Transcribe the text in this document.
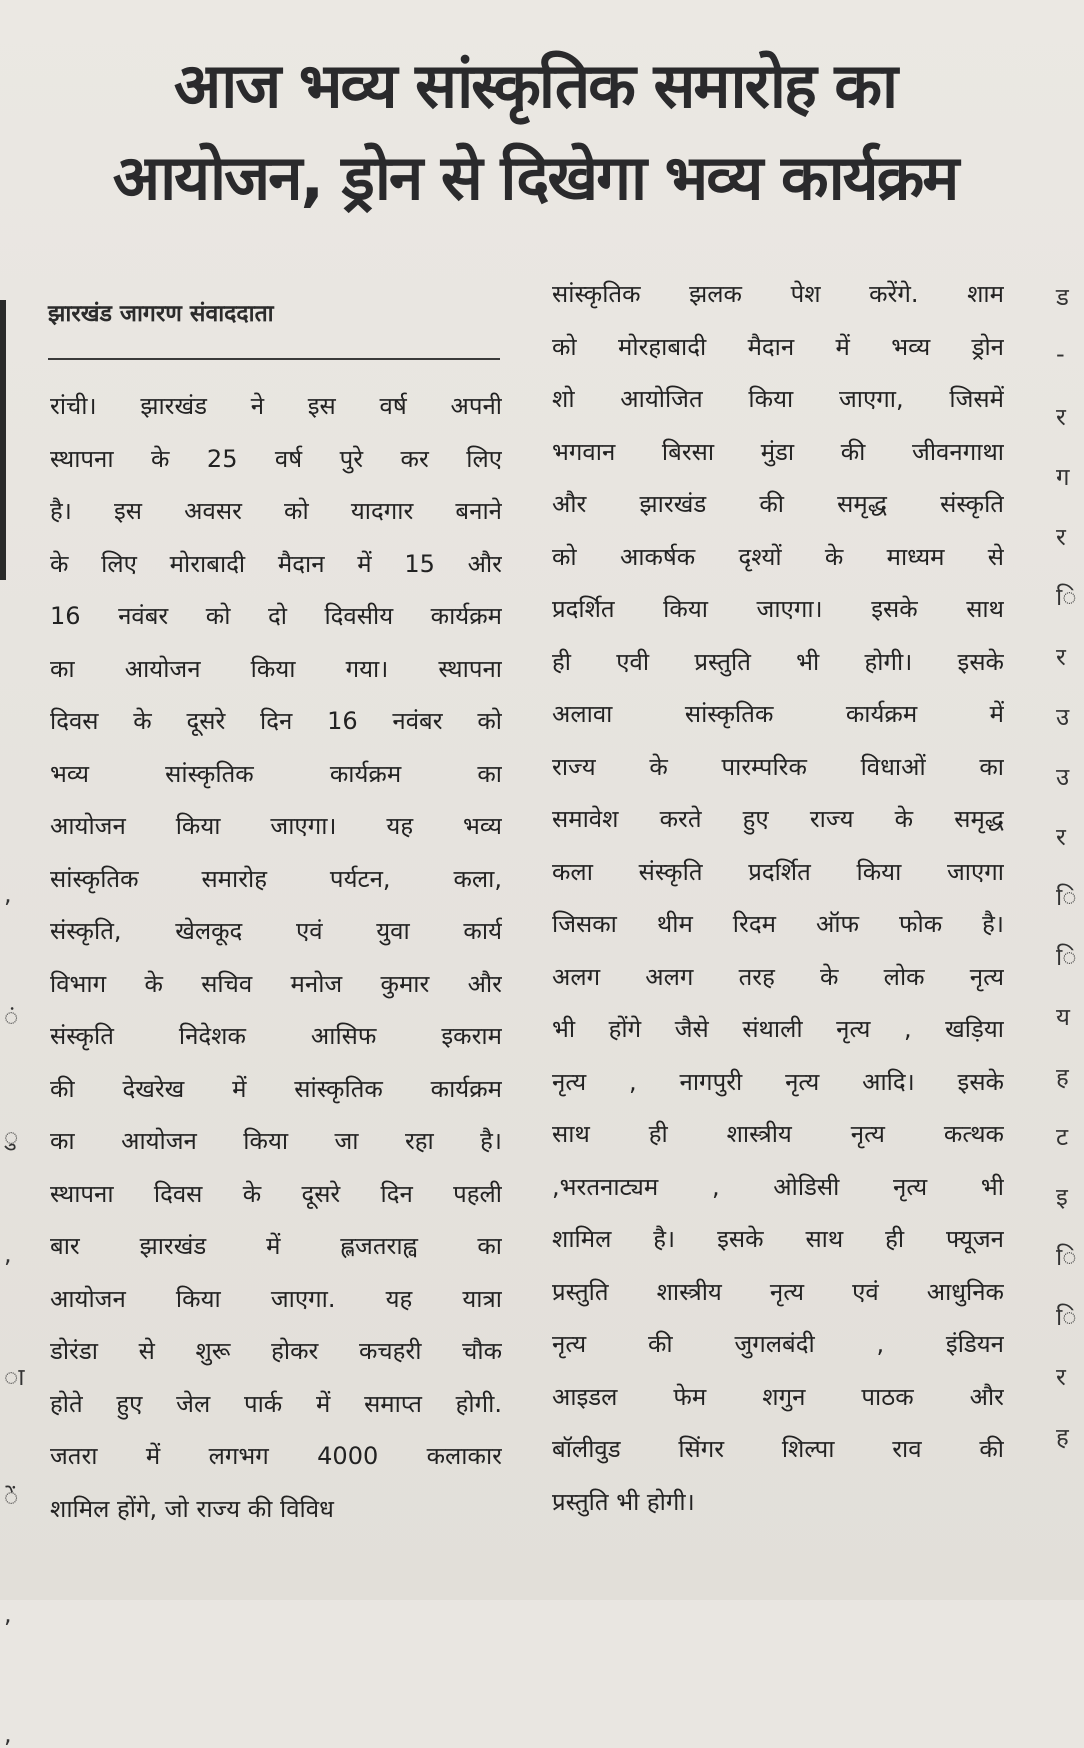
आज भव्य सांस्कृतिक समारोह का
आयोजन, ड्रोन से दिखेगा भव्य कार्यक्रम
झारखंड जागरण संवाददाता
रांची। झारखंड ने इस वर्ष अपनी
स्थापना के 25 वर्ष पुरे कर लिए
है। इस अवसर को यादगार बनाने
के लिए मोराबादी मैदान में 15 और
16 नवंबर को दो दिवसीय कार्यक्रम
का आयोजन किया गया। स्थापना
दिवस के दूसरे दिन 16 नवंबर को
भव्य सांस्कृतिक कार्यक्रम का
आयोजन किया जाएगा। यह भव्य
सांस्कृतिक समारोह पर्यटन, कला,
संस्कृति, खेलकूद एवं युवा कार्य
विभाग के सचिव मनोज कुमार और
संस्कृति निदेशक आसिफ इकराम
की देखरेख में सांस्कृतिक कार्यक्रम
का आयोजन किया जा रहा है।
स्थापना दिवस के दूसरे दिन पहली
बार झारखंड में ह्लजतराह्व का
आयोजन किया जाएगा. यह यात्रा
डोरंडा से शुरू होकर कचहरी चौक
होते हुए जेल पार्क में समाप्त होगी.
जतरा में लगभग 4000 कलाकार
शामिल होंगे, जो राज्य की विविध
सांस्कृतिक झलक पेश करेंगे. शाम
को मोरहाबादी मैदान में भव्य ड्रोन
शो आयोजित किया जाएगा, जिसमें
भगवान बिरसा मुंडा की जीवनगाथा
और झारखंड की समृद्ध संस्कृति
को आकर्षक दृश्यों के माध्यम से
प्रदर्शित किया जाएगा। इसके साथ
ही एवी प्रस्तुति भी होगी। इसके
अलावा सांस्कृतिक कार्यक्रम में
राज्य के पारम्परिक विधाओं का
समावेश करते हुए राज्य के समृद्ध
कला संस्कृति प्रदर्शित किया जाएगा
जिसका थीम रिदम ऑफ फोक है।
अलग अलग तरह के लोक नृत्य
भी होंगे जैसे संथाली नृत्य , खड़िया
नृत्य , नागपुरी नृत्य आदि। इसके
साथ ही शास्त्रीय नृत्य कत्थक
,भरतनाट्यम , ओडिसी नृत्य भी
शामिल है। इसके साथ ही फ्यूजन
प्रस्तुति शास्त्रीय नृत्य एवं आधुनिक
नृत्य की जुगलबंदी , इंडियन
आइडल फेम शगुन पाठक और
बॉलीवुड सिंगर शिल्पा राव की
प्रस्तुति भी होगी।
,
ं
ु
,
ा
ें
,
,
ड
-
र
ग
र
ि
र
उ
उ
र
ि
ि
य
ह
ट
इ
ि
ि
र
ह
